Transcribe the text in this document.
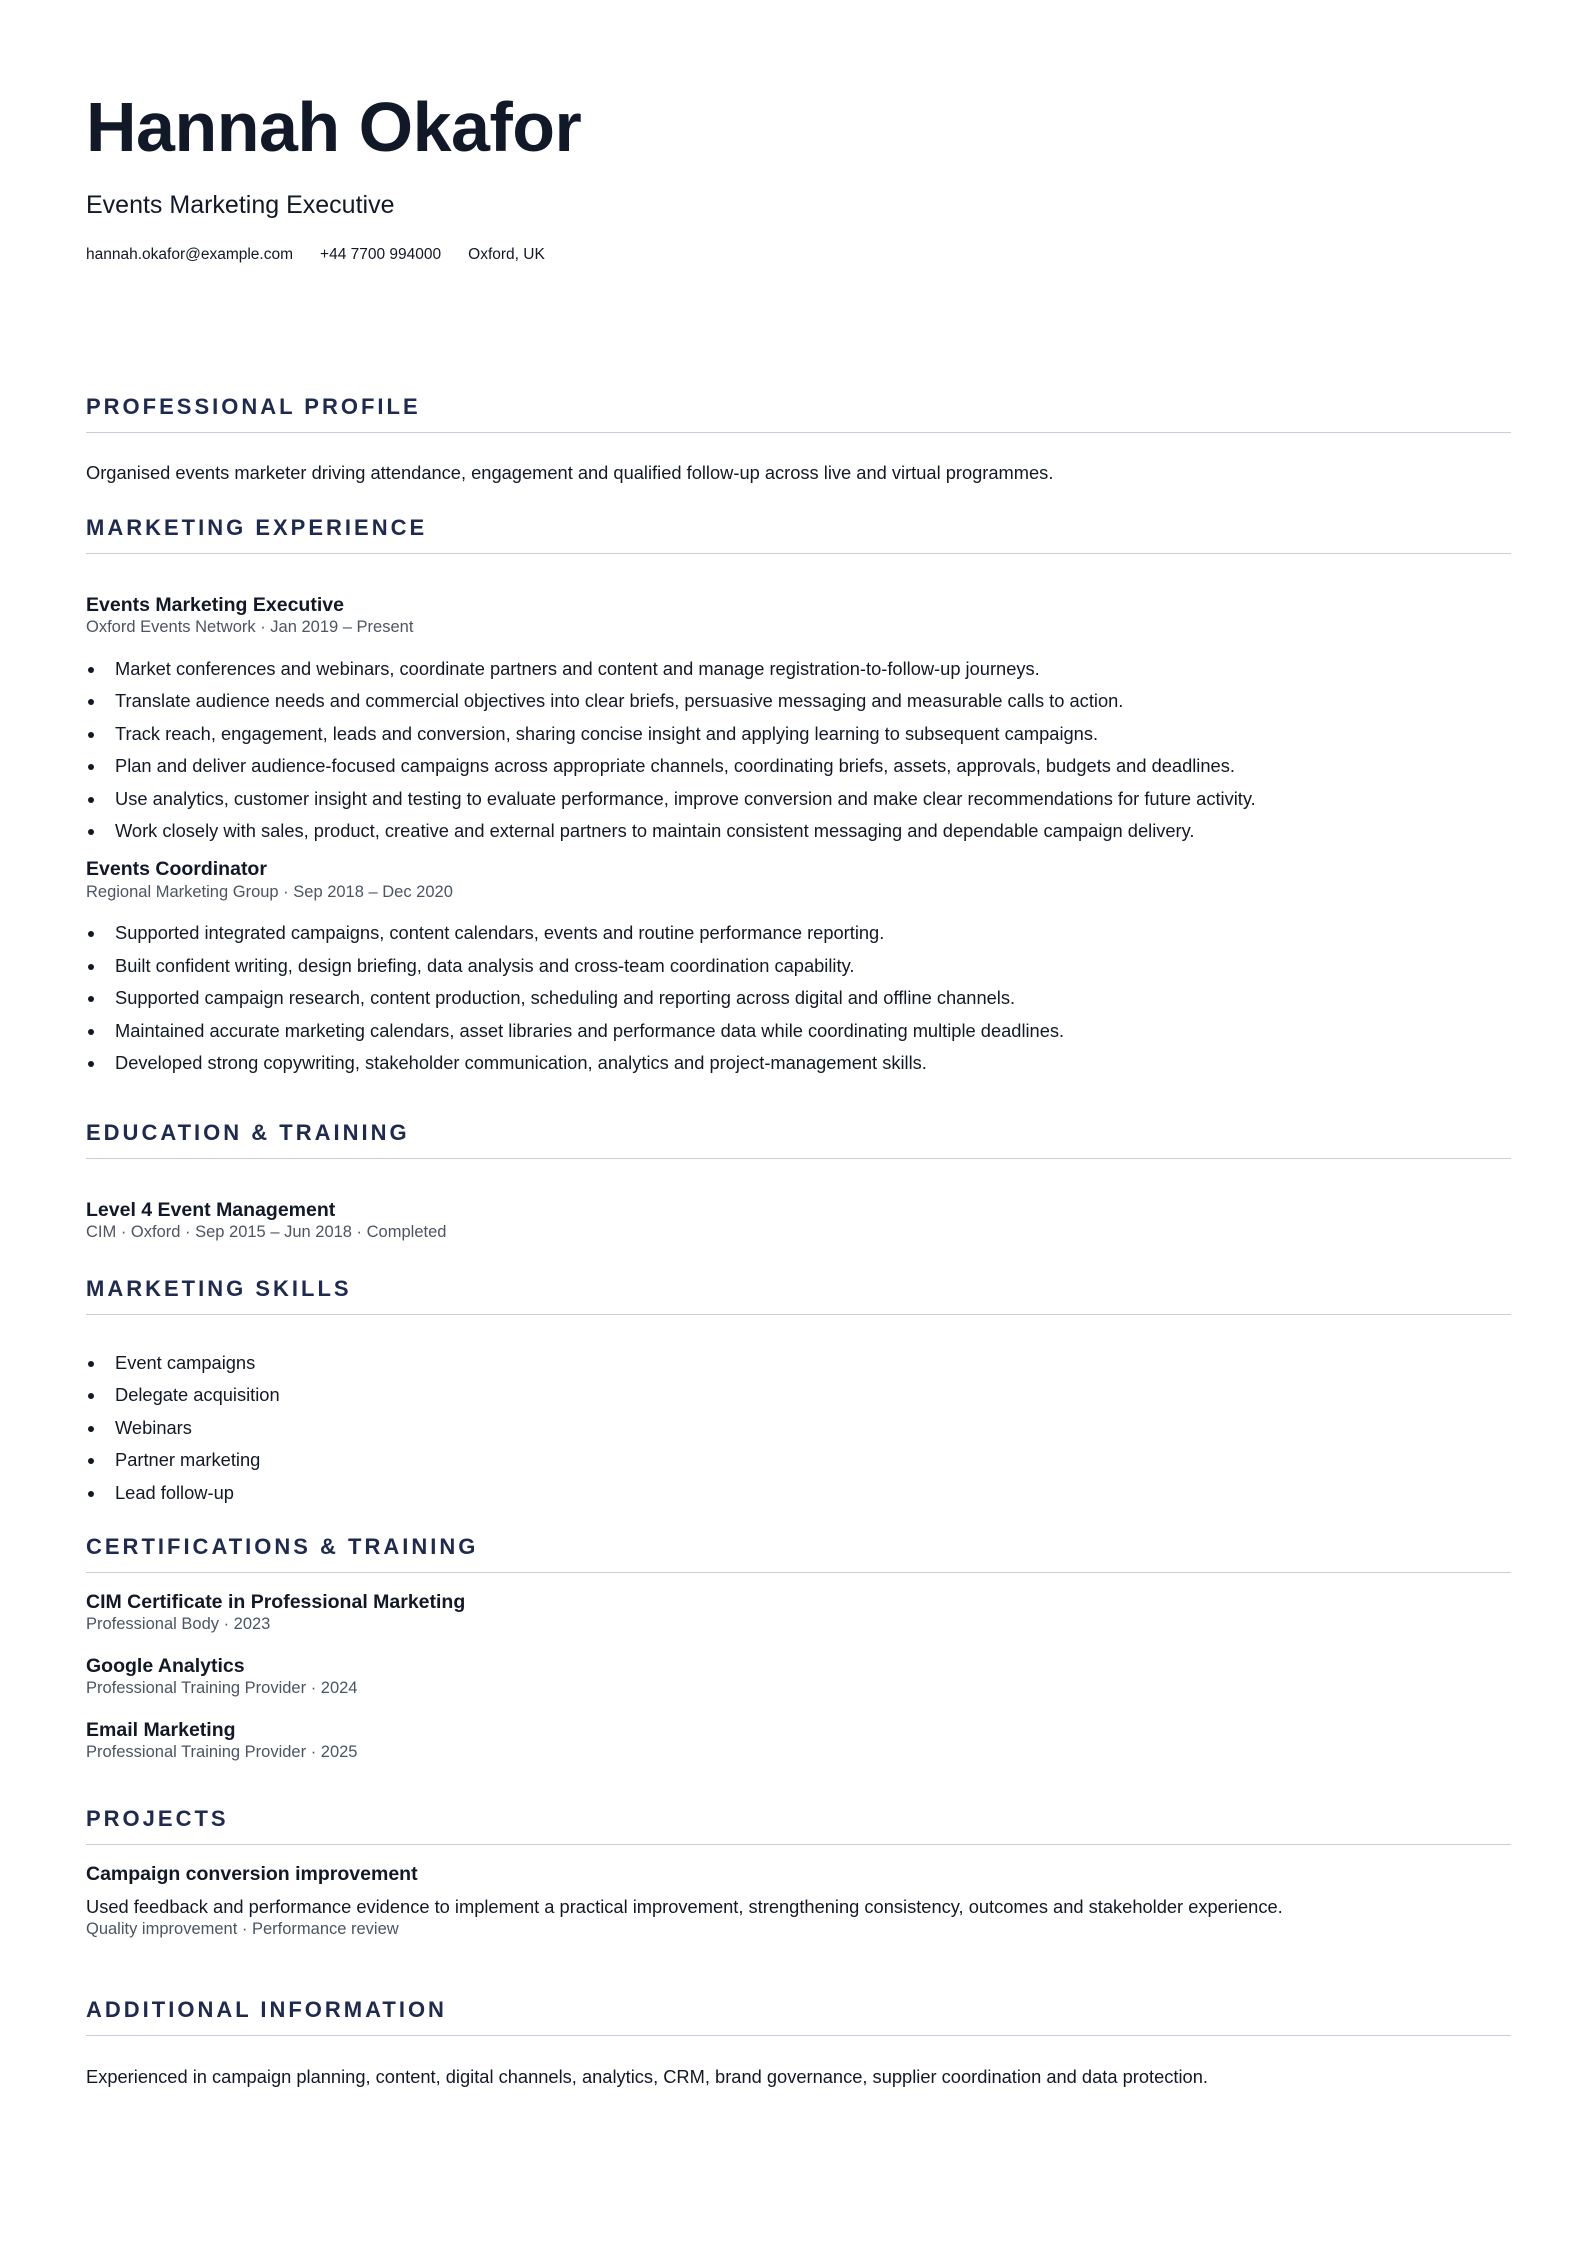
Hannah Okafor
Events Marketing Executive
hannah.okafor@example.com +44 7700 994000 Oxford, UK
PROFESSIONAL PROFILE
Organised events marketer driving attendance, engagement and qualified follow-up across live and virtual programmes.
MARKETING EXPERIENCE
Events Marketing Executive
Oxford Events Network · Jan 2019 – Present
Market conferences and webinars, coordinate partners and content and manage registration-to-follow-up journeys.
Translate audience needs and commercial objectives into clear briefs, persuasive messaging and measurable calls to action.
Track reach, engagement, leads and conversion, sharing concise insight and applying learning to subsequent campaigns.
Plan and deliver audience-focused campaigns across appropriate channels, coordinating briefs, assets, approvals, budgets and deadlines.
Use analytics, customer insight and testing to evaluate performance, improve conversion and make clear recommendations for future activity.
Work closely with sales, product, creative and external partners to maintain consistent messaging and dependable campaign delivery.
Events Coordinator
Regional Marketing Group · Sep 2018 – Dec 2020
Supported integrated campaigns, content calendars, events and routine performance reporting.
Built confident writing, design briefing, data analysis and cross-team coordination capability.
Supported campaign research, content production, scheduling and reporting across digital and offline channels.
Maintained accurate marketing calendars, asset libraries and performance data while coordinating multiple deadlines.
Developed strong copywriting, stakeholder communication, analytics and project-management skills.
EDUCATION & TRAINING
Level 4 Event Management
CIM · Oxford · Sep 2015 – Jun 2018 · Completed
MARKETING SKILLS
Event campaigns
Delegate acquisition
Webinars
Partner marketing
Lead follow-up
CERTIFICATIONS & TRAINING
CIM Certificate in Professional Marketing
Professional Body · 2023
Google Analytics
Professional Training Provider · 2024
Email Marketing
Professional Training Provider · 2025
PROJECTS
Campaign conversion improvement
Used feedback and performance evidence to implement a practical improvement, strengthening consistency, outcomes and stakeholder experience.
Quality improvement · Performance review
ADDITIONAL INFORMATION
Experienced in campaign planning, content, digital channels, analytics, CRM, brand governance, supplier coordination and data protection.
